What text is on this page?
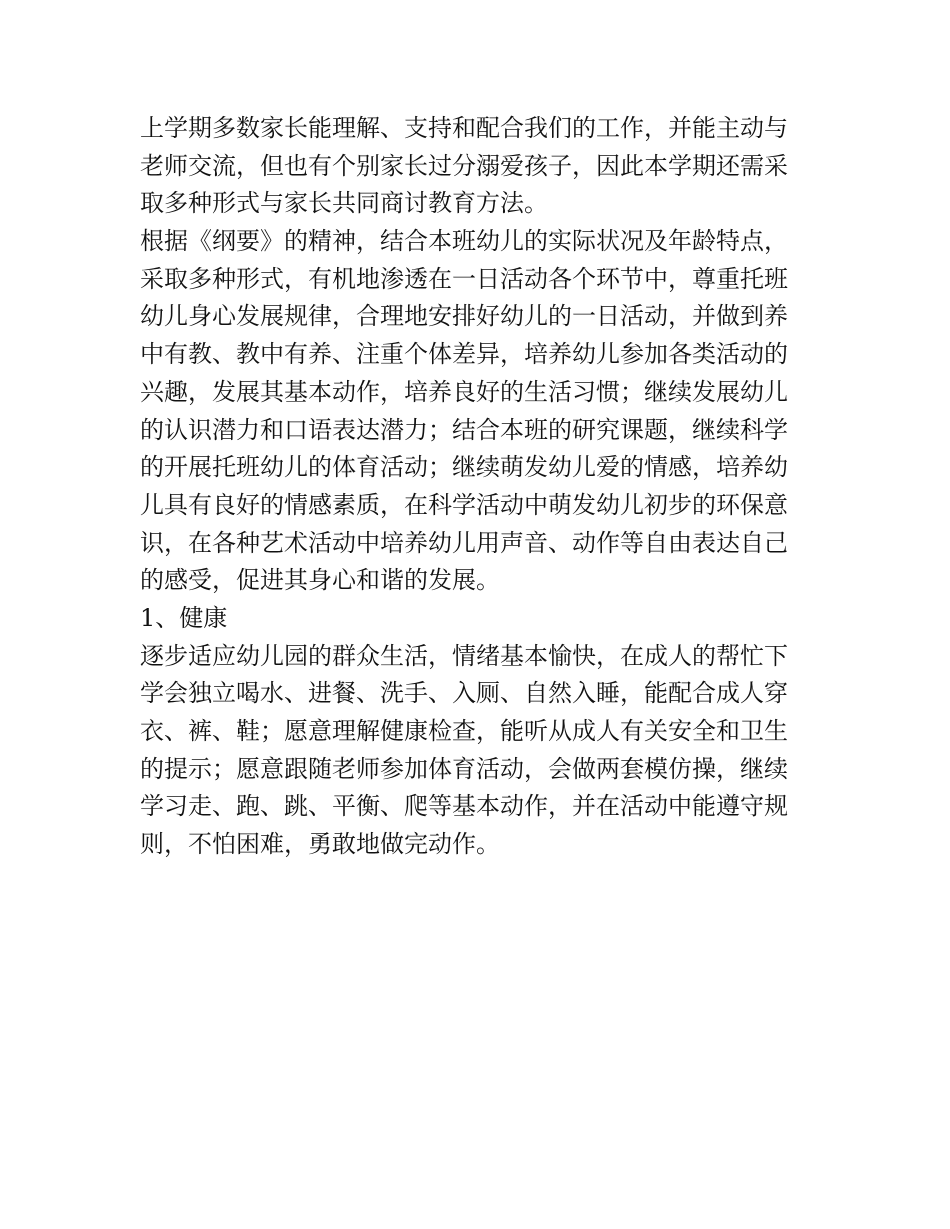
上学期多数家长能理解、支持和配合我们的工作，并能主动与
老师交流，但也有个别家长过分溺爱孩子，因此本学期还需采
取多种形式与家长共同商讨教育方法。
根据《纲要》的精神，结合本班幼儿的实际状况及年龄特点，
采取多种形式，有机地渗透在一日活动各个环节中，尊重托班
幼儿身心发展规律，合理地安排好幼儿的一日活动，并做到养
中有教、教中有养、注重个体差异，培养幼儿参加各类活动的
兴趣，发展其基本动作，培养良好的生活习惯；继续发展幼儿
的认识潜力和口语表达潜力；结合本班的研究课题，继续科学
的开展托班幼儿的体育活动；继续萌发幼儿爱的情感，培养幼
儿具有良好的情感素质，在科学活动中萌发幼儿初步的环保意
识，在各种艺术活动中培养幼儿用声音、动作等自由表达自己
的感受，促进其身心和谐的发展。
1、健康
逐步适应幼儿园的群众生活，情绪基本愉快，在成人的帮忙下
学会独立喝水、进餐、洗手、入厕、自然入睡，能配合成人穿
衣、裤、鞋；愿意理解健康检查，能听从成人有关安全和卫生
的提示；愿意跟随老师参加体育活动，会做两套模仿操，继续
学习走、跑、跳、平衡、爬等基本动作，并在活动中能遵守规
则，不怕困难，勇敢地做完动作。
